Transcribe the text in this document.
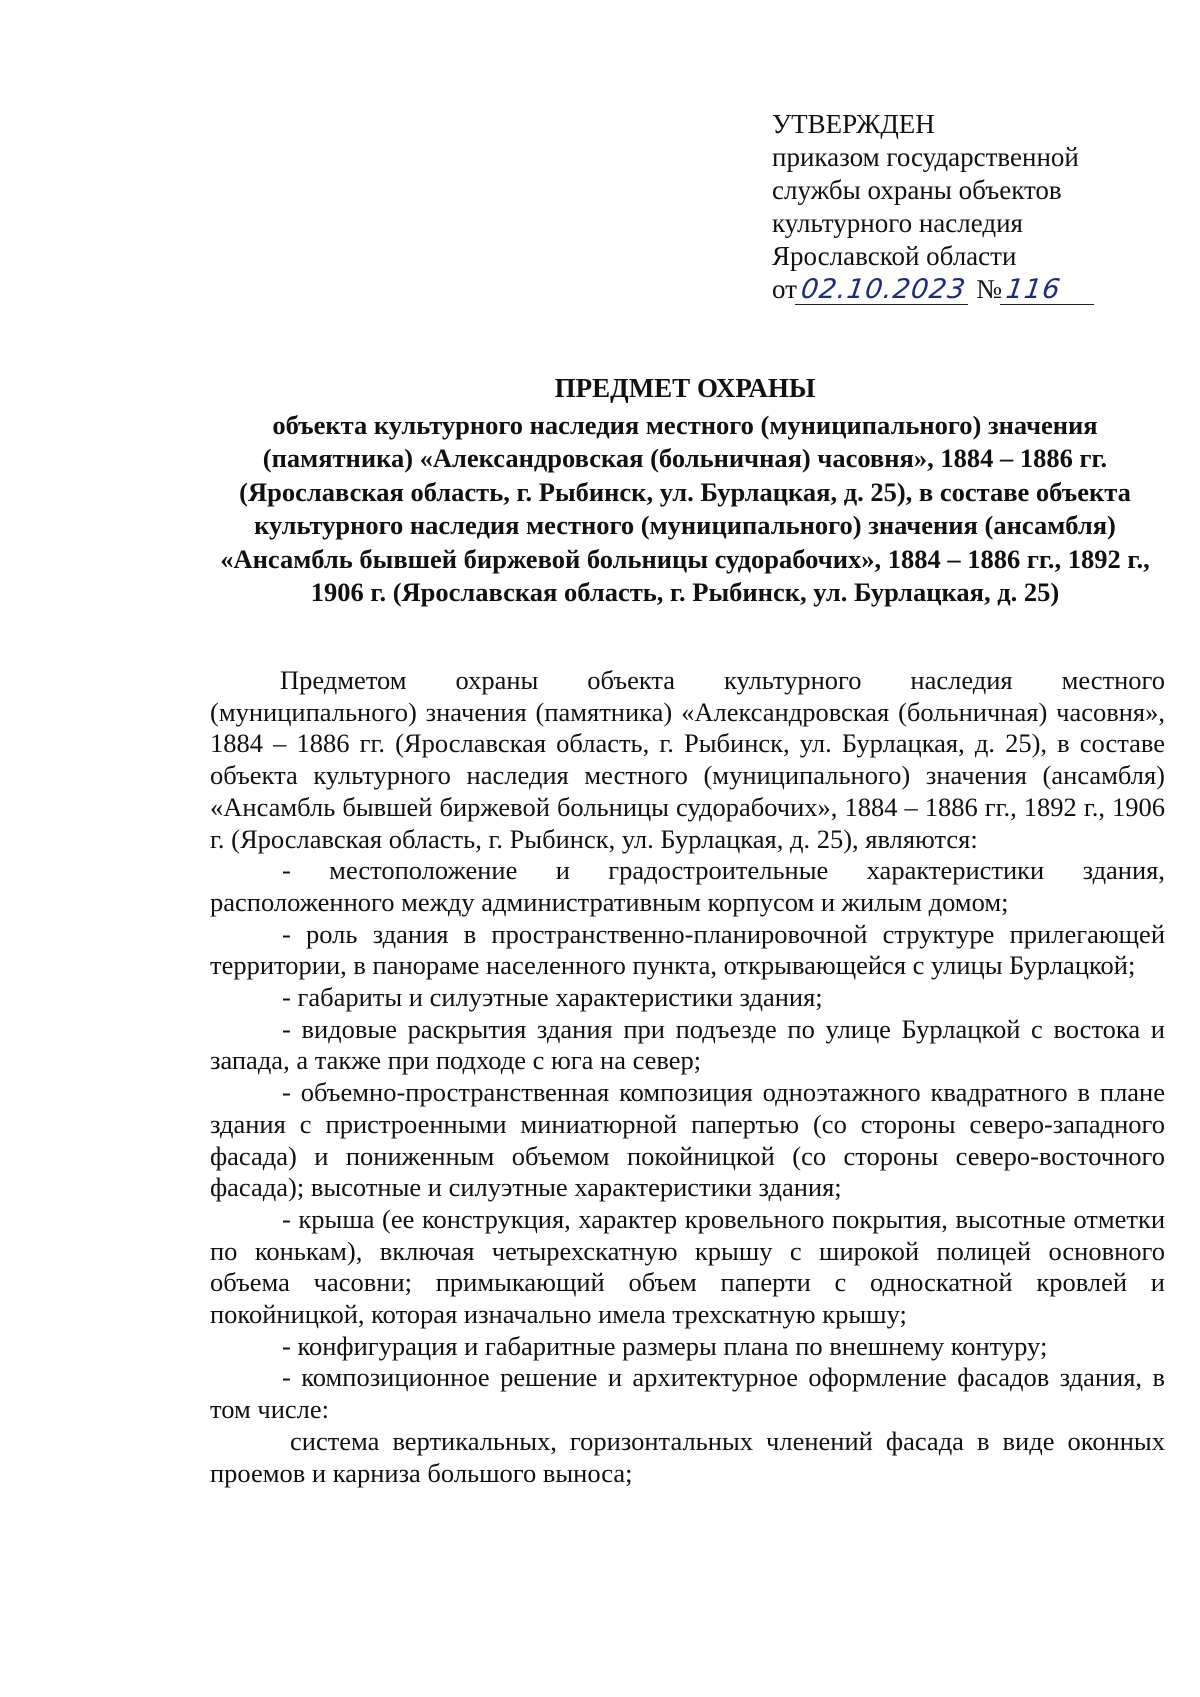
УТВЕРЖДЕН
приказом государственной
службы охраны объектов
культурного наследия
Ярославской области
от02.10.2023 №116
ПРЕДМЕТ ОХРАНЫ
объекта культурного наследия местного (муниципального) значения (памятника) «Александровская (больничная) часовня», 1884 – 1886 гг. (Ярославская область, г. Рыбинск, ул. Бурлацкая, д. 25), в составе объекта культурного наследия местного (муниципального) значения (ансамбля) «Ансамбль бывшей биржевой больницы судорабочих», 1884 – 1886 гг., 1892 г., 1906 г. (Ярославская область, г. Рыбинск, ул. Бурлацкая, д. 25)

Предметом охраны объекта культурного наследия местного (муниципального) значения (памятника) «Александровская (больничная) часовня», 1884 – 1886 гг. (Ярославская область, г. Рыбинск, ул. Бурлацкая, д. 25), в составе объекта культурного наследия местного (муниципального) значения (ансамбля) «Ансамбль бывшей биржевой больницы судорабочих», 1884 – 1886 гг., 1892 г., 1906 г. (Ярославская область, г. Рыбинск, ул. Бурлацкая, д. 25), являются:

- местоположение и градостроительные характеристики здания, расположенного между административным корпусом и жилым домом;

- роль здания в пространственно-планировочной структуре прилегающей территории, в панораме населенного пункта, открывающейся с улицы Бурлацкой;

- габариты и силуэтные характеристики здания;

- видовые раскрытия здания при подъезде по улице Бурлацкой с востока и запада, а также при подходе с юга на север;

- объемно-пространственная композиция одноэтажного квадратного в плане здания с пристроенными миниатюрной папертью (со стороны северо-западного фасада) и пониженным объемом покойницкой (со стороны северо-восточного фасада); высотные и силуэтные характеристики здания;

- крыша (ее конструкция, характер кровельного покрытия, высотные отметки по конькам), включая четырехскатную крышу с широкой полицей основного объема часовни; примыкающий объем паперти с односкатной кровлей и покойницкой, которая изначально имела трехскатную крышу;

- конфигурация и габаритные размеры плана по внешнему контуру;

- композиционное решение и архитектурное оформление фасадов здания, в том числе:

система вертикальных, горизонтальных членений фасада в виде оконных проемов и карниза большого выноса;
